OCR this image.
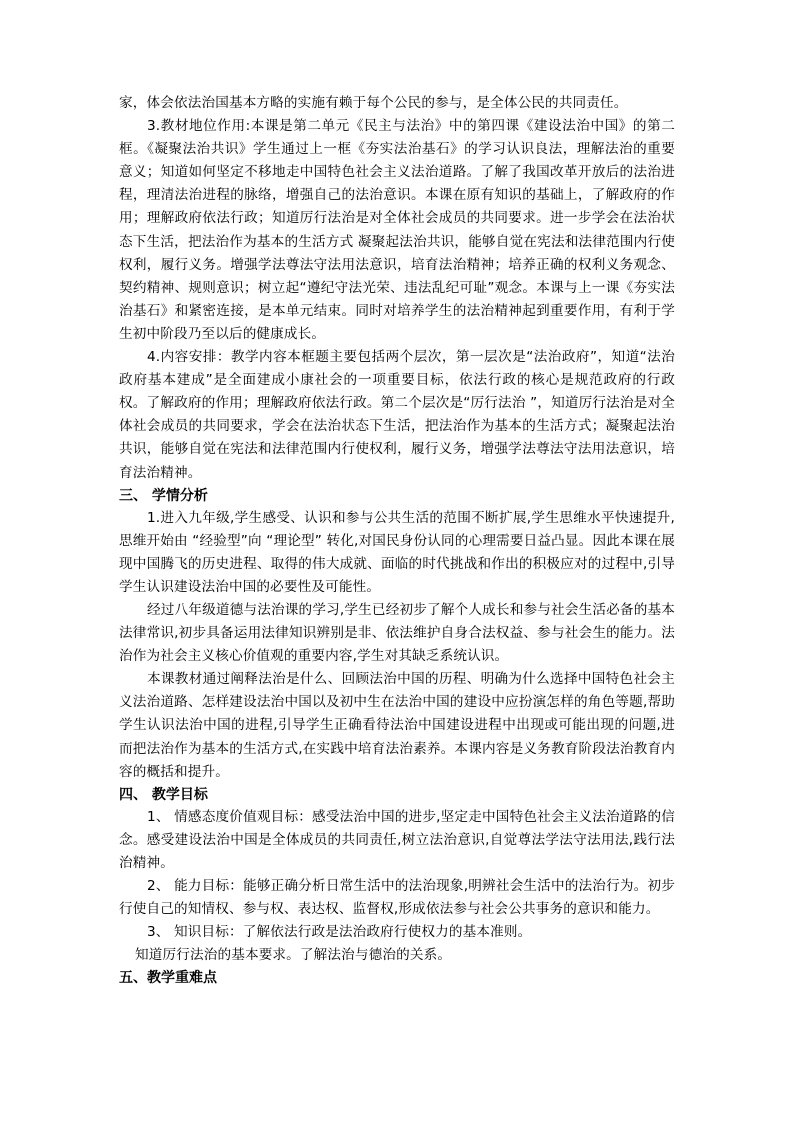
家，体会依法治国基本方略的实施有赖于每个公民的参与，是全体公民的共同责任。

3.教材地位作用:本课是第二单元《民主与法治》中的第四课《建设法治中国》的第二框。《凝聚法治共识》学生通过上一框《夯实法治基石》的学习认识良法，理解法治的重要意义；知道如何坚定不移地走中国特色社会主义法治道路。了解了我国改革开放后的法治进程，理清法治进程的脉络，增强自己的法治意识。本课在原有知识的基础上，了解政府的作用；理解政府依法行政；知道厉行法治是对全体社会成员的共同要求。进一步学会在法治状态下生活，把法治作为基本的生活方式 凝聚起法治共识，能够自觉在宪法和法律范围内行使权利，履行义务。增强学法尊法守法用法意识，培育法治精神；培养正确的权利义务观念、契约精神、规则意识；树立起“遵纪守法光荣、违法乱纪可耻”观念。本课与上一课《夯实法治基石》和紧密连接，是本单元结束。同时对培养学生的法治精神起到重要作用，有利于学生初中阶段乃至以后的健康成长。

4.内容安排：教学内容本框题主要包括两个层次，第一层次是“法治政府”，知道“法治政府基本建成”是全面建成小康社会的一项重要目标，依法行政的核心是规范政府的行政权。了解政府的作用；理解政府依法行政。第二个层次是“厉行法治 ”，知道厉行法治是对全体社会成员的共同要求，学会在法治状态下生活，把法治作为基本的生活方式；凝聚起法治共识，能够自觉在宪法和法律范围内行使权利，履行义务，增强学法尊法守法用法意识，培育法治精神。

三、 学情分析

1.进入九年级,学生感受、认识和参与公共生活的范围不断扩展,学生思维水平快速提升,思维开始由 “经验型”向 “理论型” 转化,对国民身份认同的心理需要日益凸显。因此本课在展现中国腾飞的历史进程、取得的伟大成就、面临的时代挑战和作出的积极应对的过程中,引导学生认识建设法治中国的必要性及可能性。

经过八年级道德与法治课的学习,学生已经初步了解个人成长和参与社会生活必备的基本法律常识,初步具备运用法律知识辨别是非、依法维护自身合法权益、参与社会生的能力。法治作为社会主义核心价值观的重要内容,学生对其缺乏系统认识。

本课教材通过阐释法治是什么、回顾法治中国的历程、明确为什么选择中国特色社会主义法治道路、怎样建设法治中国以及初中生在法治中国的建设中应扮演怎样的角色等题,帮助学生认识法治中国的进程,引导学生正确看待法治中国建设进程中出现或可能出现的问题,进而把法治作为基本的生活方式,在实践中培育法治素养。本课内容是义务教育阶段法治教育内容的概括和提升。

四、 教学目标

1、 情感态度价值观目标：感受法治中国的进步,坚定走中国特色社会主义法治道路的信念。感受建设法治中国是全体成员的共同责任,树立法治意识,自觉尊法学法守法用法,践行法治精神。

2、 能力目标：能够正确分析日常生活中的法治现象,明辨社会生活中的法治行为。初步行使自己的知情权、参与权、表达权、监督权,形成依法参与社会公共事务的意识和能力。

3、 知识目标：了解依法行政是法治政府行使权力的基本准则。

知道厉行法治的基本要求。了解法治与德治的关系。

五、教学重难点
